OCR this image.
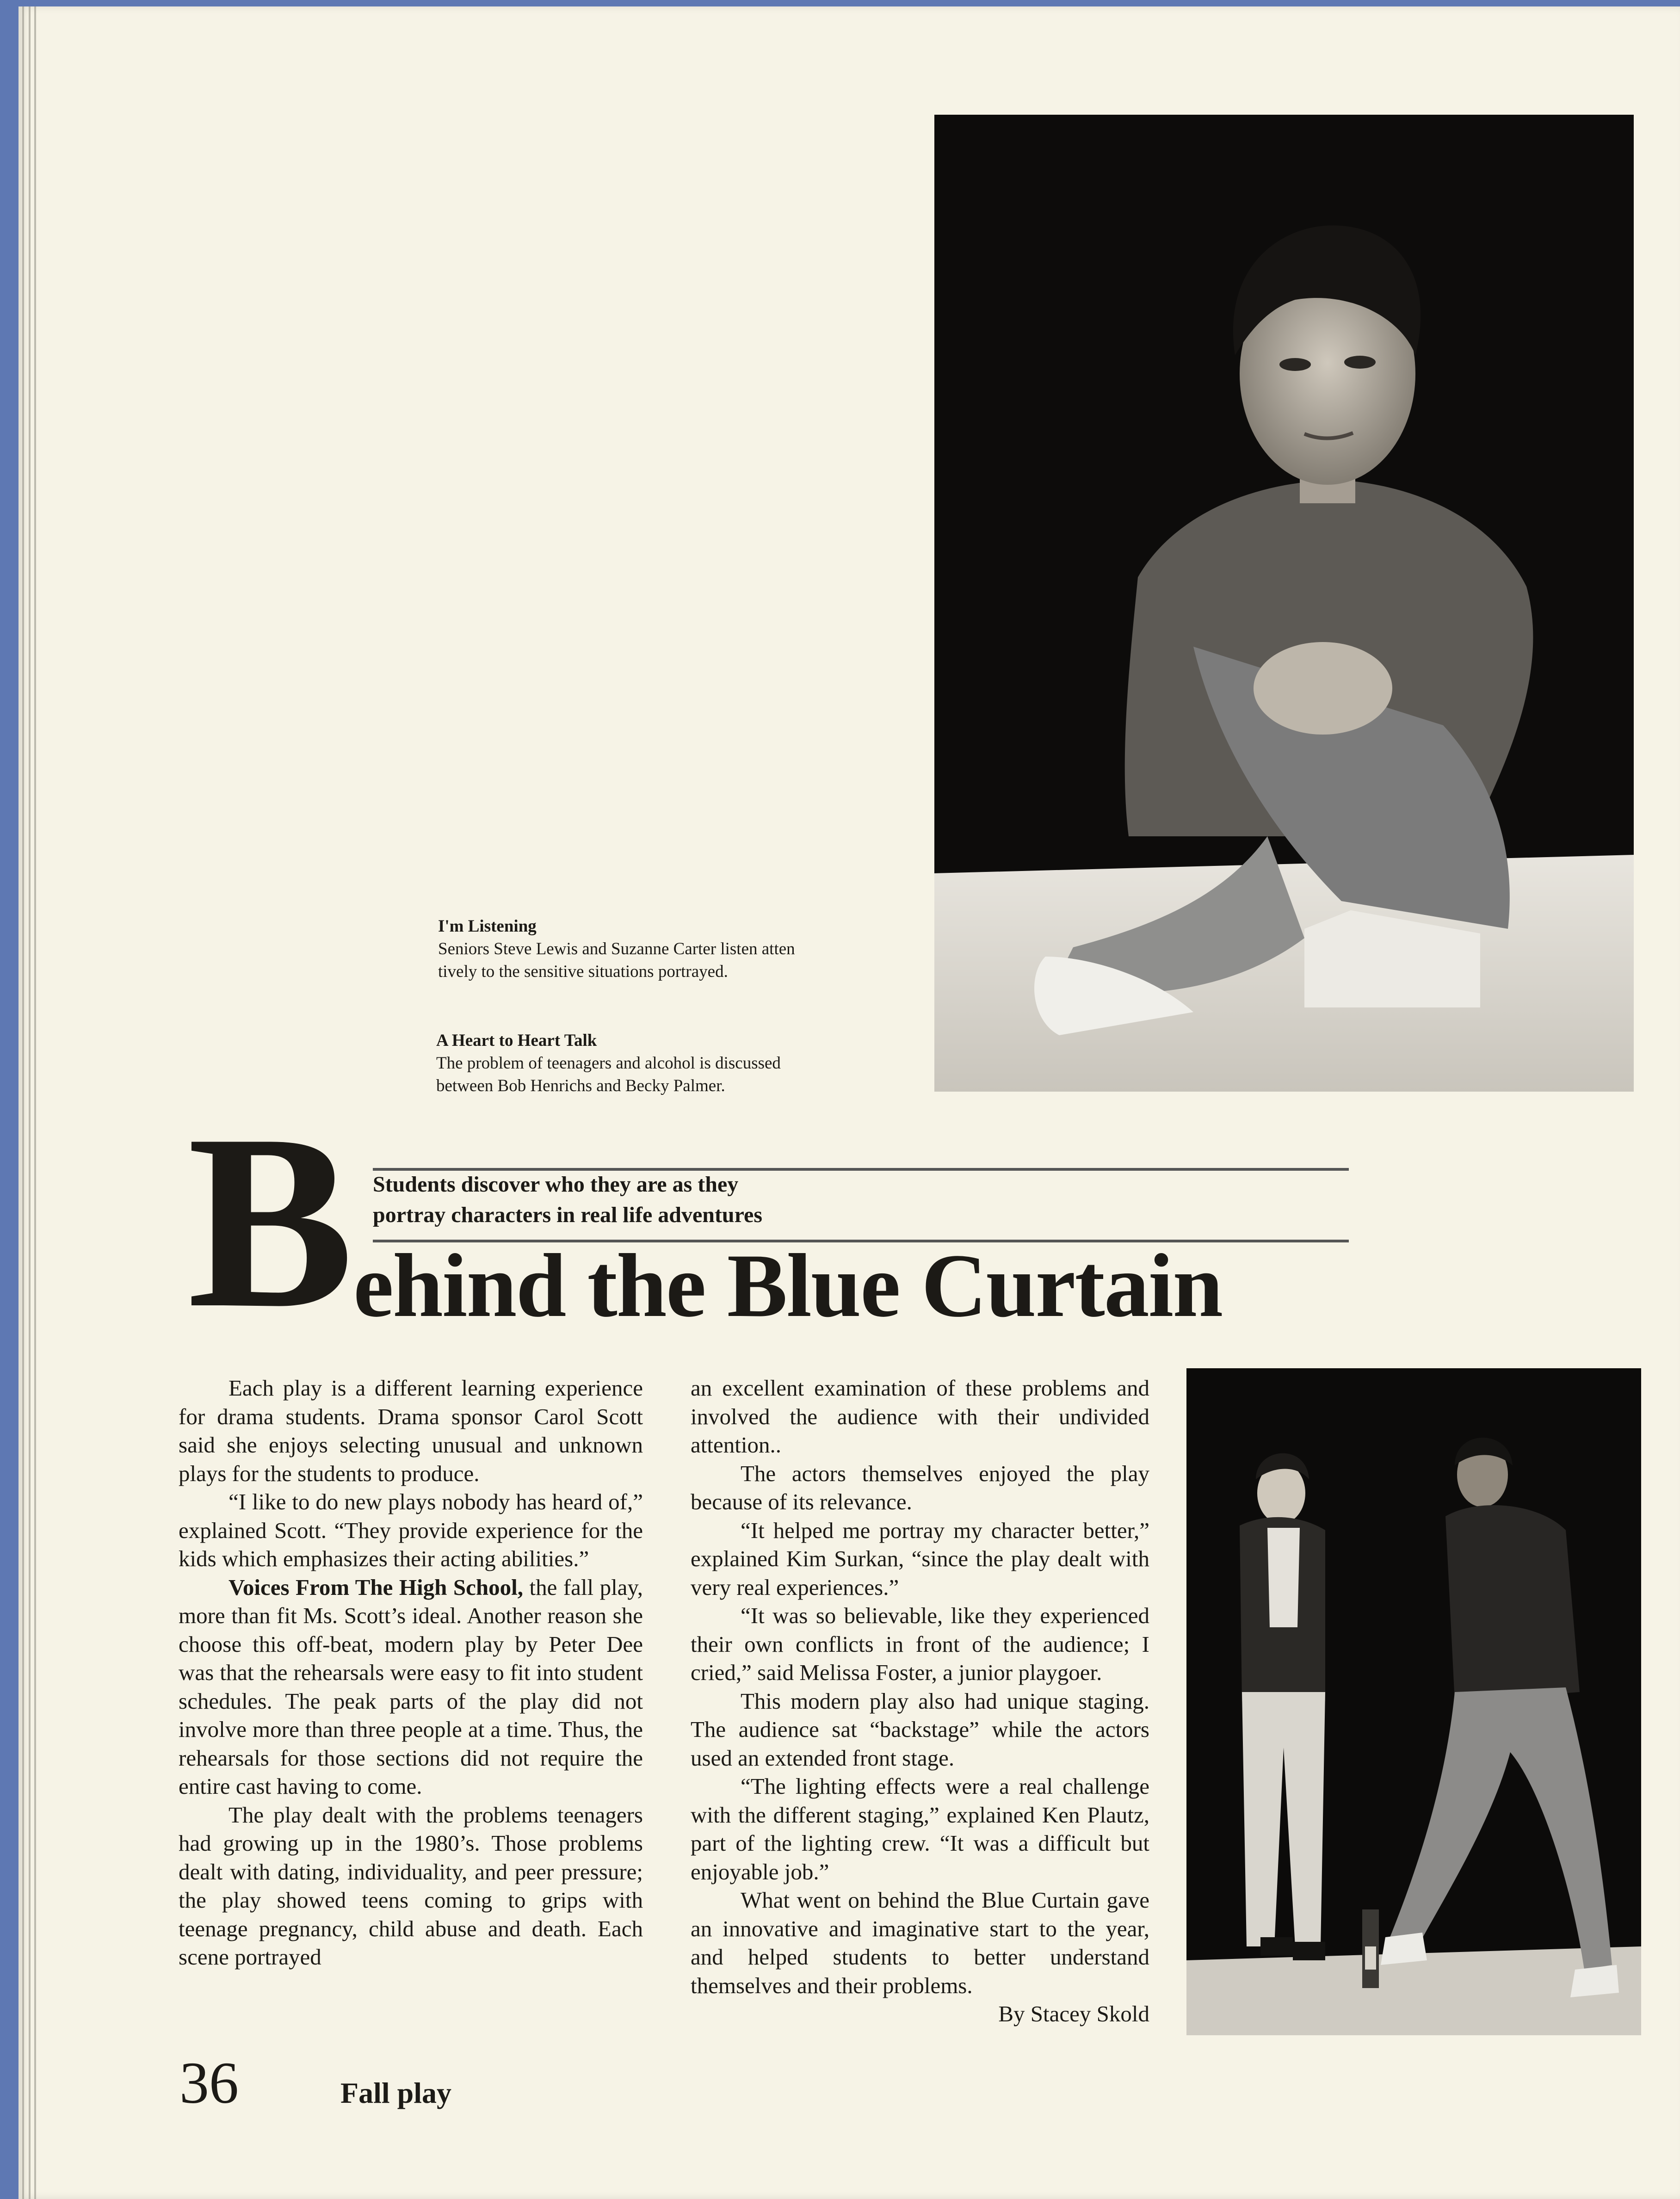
I'm Listening
Seniors Steve Lewis and Suzanne Carter listen atten
tively to the sensitive situations portrayed.
A Heart to Heart Talk
The problem of teenagers and alcohol is discussed
between Bob Henrichs and Becky Palmer.
Students discover who they are as they
portray characters in real life adventures
B
ehind the Blue Curtain

Each play is a different learning experience for drama students. Drama sponsor Carol Scott said she enjoys selecting unusual and unknown plays for the students to produce.

“I like to do new plays nobody has heard of,” explained Scott. “They provide experience for the kids which emphasizes their acting abilities.”

Voices From The High School, the fall play, more than fit Ms. Scott’s ideal. Another reason she choose this off-beat, modern play by Peter Dee was that the rehearsals were easy to fit into student schedules. The peak parts of the play did not involve more than three people at a time. Thus, the rehearsals for those sections did not require the entire cast having to come.

The play dealt with the problems teenagers had growing up in the 1980’s. Those problems dealt with dating, individuality, and peer pressure; the play showed teens coming to grips with teenage pregnancy, child abuse and death. Each scene portrayed

an excellent examination of these problems and involved the audience with their undivided attention..

The actors themselves enjoyed the play because of its relevance.

“It helped me portray my character better,” explained Kim Surkan, “since the play dealt with very real experiences.”

“It was so believable, like they experienced their own conflicts in front of the audience; I cried,” said Melissa Foster, a junior playgoer.

This modern play also had unique staging. The audience sat “backstage” while the actors used an extended front stage.

“The lighting effects were a real challenge with the different staging,” explained Ken Plautz, part of the lighting crew. “It was a difficult but enjoyable job.”

What went on behind the Blue Curtain gave an innovative and imaginative start to the year, and helped students to better understand themselves and their problems.

By Stacey Skold

36	Fall play
